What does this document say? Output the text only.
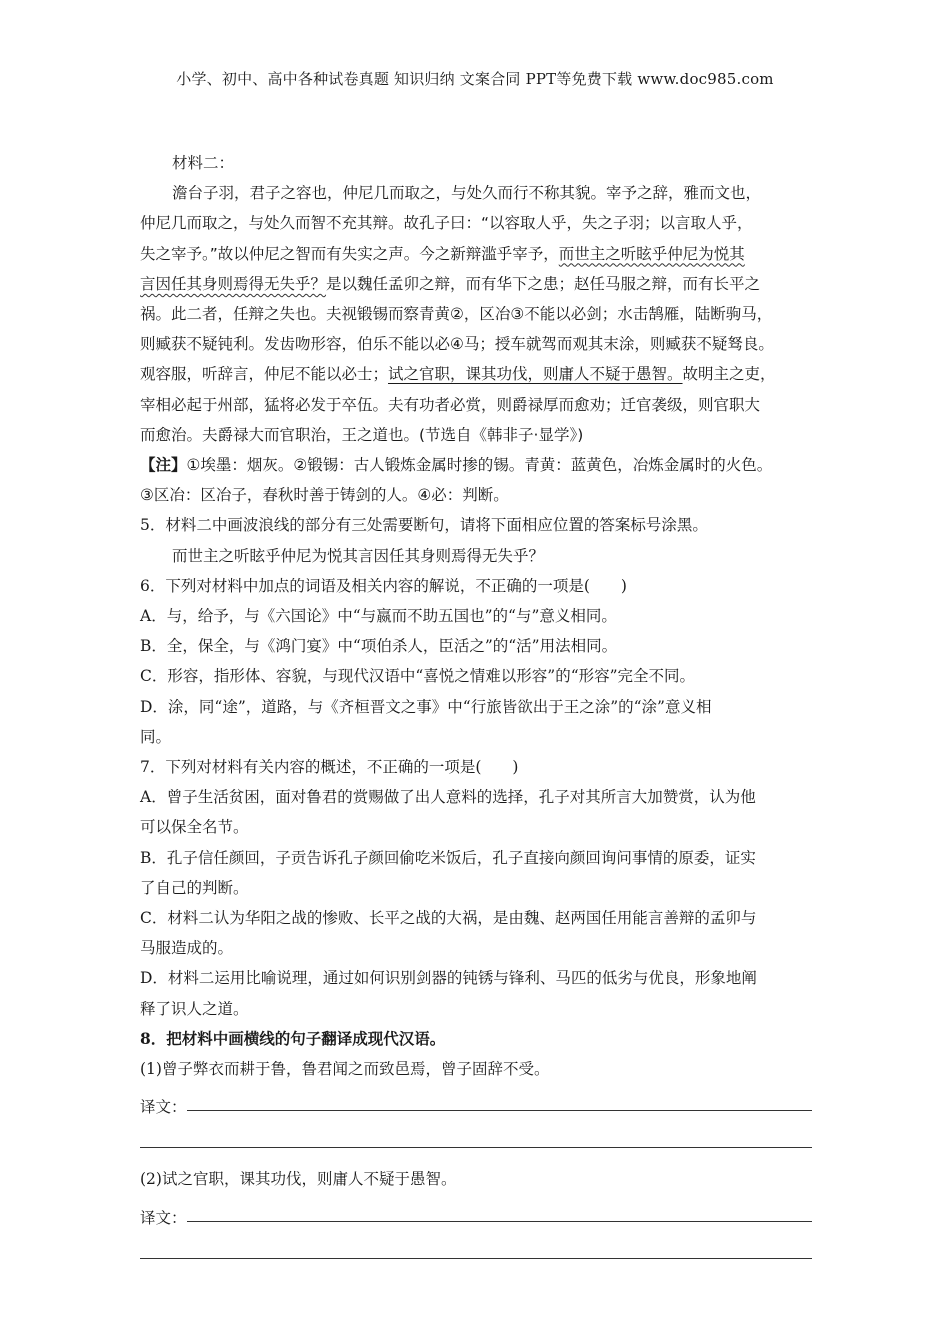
小学、初中、高中各种试卷真题 知识归纳 文案合同 PPT等免费下载 www.doc985.com
材料二：
澹台子羽，君子之容也，仲尼几而取之，与处久而行不称其貌。宰予之辞，雅而文也，
仲尼几而取之，与处久而智不充其辩。故孔子曰：“以容取人乎，失之子羽；以言取人乎，
失之宰予。”故以仲尼之智而有失实之声。今之新辩滥乎宰予，而世主之听眩乎仲尼为悦其
言因任其身则焉得无失乎？是以魏任孟卯之辩，而有华下之患；赵任马服之辩，而有长平之
祸。此二者，任辩之失也。夫视锻锡而察青黄②，区冶③不能以必剑；水击鹄雁，陆断驹马，
则臧获不疑钝利。发齿吻形容，伯乐不能以必④马；授车就驾而观其末涂，则臧获不疑驽良。
观容服，听辞言，仲尼不能以必士；试之官职，课其功伐，则庸人不疑于愚智。故明主之吏，
宰相必起于州部，猛将必发于卒伍。夫有功者必赏，则爵禄厚而愈劝；迁官袭级，则官职大
而愈治。夫爵禄大而官职治，王之道也。(节选自《韩非子·显学》)
【注】①埃墨：烟灰。②锻锡：古人锻炼金属时掺的锡。青黄：蓝黄色，冶炼金属时的火色。
③区冶：区冶子，春秋时善于铸剑的人。④必：判断。
5．材料二中画波浪线的部分有三处需要断句，请将下面相应位置的答案标号涂黑。
而世主之听眩乎仲尼为悦其言因任其身则焉得无失乎？
6．下列对材料中加点的词语及相关内容的解说，不正确的一项是(　　)
A．与，给予，与《六国论》中“与嬴而不助五国也”的“与”意义相同。
B．全，保全，与《鸿门宴》中“项伯杀人，臣活之”的“活”用法相同。
C．形容，指形体、容貌，与现代汉语中“喜悦之情难以形容”的“形容”完全不同。
D．涂，同“途”，道路，与《齐桓晋文之事》中“行旅皆欲出于王之涂”的“涂”意义相
同。
7．下列对材料有关内容的概述，不正确的一项是(　　)
A．曾子生活贫困，面对鲁君的赏赐做了出人意料的选择，孔子对其所言大加赞赏，认为他
可以保全名节。
B．孔子信任颜回，子贡告诉孔子颜回偷吃米饭后，孔子直接向颜回询问事情的原委，证实
了自己的判断。
C．材料二认为华阳之战的惨败、长平之战的大祸，是由魏、赵两国任用能言善辩的孟卯与
马服造成的。
D．材料二运用比喻说理，通过如何识别剑器的钝锈与锋利、马匹的低劣与优良，形象地阐
释了识人之道。
8．把材料中画横线的句子翻译成现代汉语。
(1)曾子弊衣而耕于鲁，鲁君闻之而致邑焉，曾子固辞不受。
译文：
(2)试之官职，课其功伐，则庸人不疑于愚智。
译文：
